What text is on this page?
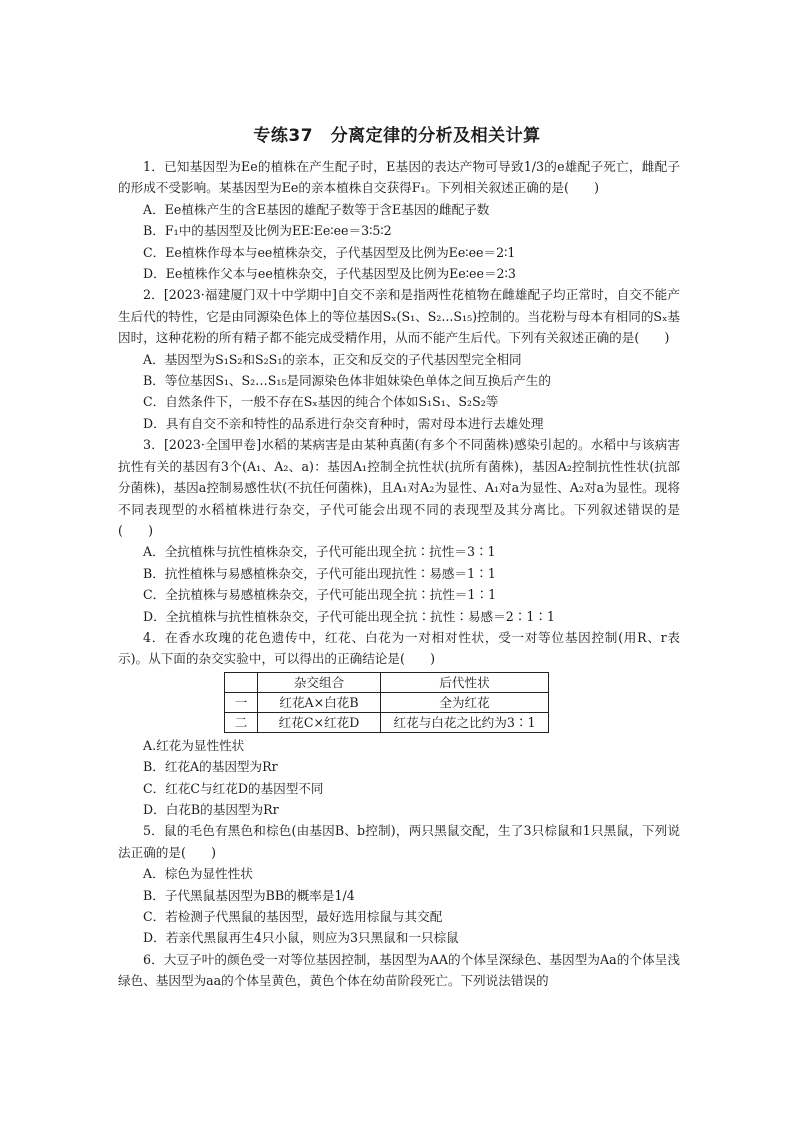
专练37　分离定律的分析及相关计算

1．已知基因型为Ee的植株在产生配子时，E基因的表达产物可导致1/3的e雄配子死亡，雌配子的形成不受影响。某基因型为Ee的亲本植株自交获得F₁。下列相关叙述正确的是(　　)

A．Ee植株产生的含E基因的雄配子数等于含E基因的雌配子数

B．F₁中的基因型及比例为EE∶Ee∶ee＝3∶5∶2

C．Ee植株作母本与ee植株杂交，子代基因型及比例为Ee∶ee＝2∶1

D．Ee植株作父本与ee植株杂交，子代基因型及比例为Ee∶ee＝2∶3

2．[2023·福建厦门双十中学期中]自交不亲和是指两性花植物在雌雄配子均正常时，自交不能产生后代的特性，它是由同源染色体上的等位基因Sₓ(S₁、S₂...S₁₅)控制的。当花粉与母本有相同的Sₓ基因时，这种花粉的所有精子都不能完成受精作用，从而不能产生后代。下列有关叙述正确的是(　　)

A．基因型为S₁S₂和S₂S₁的亲本，正交和反交的子代基因型完全相同

B．等位基因S₁、S₂…S₁₅是同源染色体非姐妹染色单体之间互换后产生的

C．自然条件下，一般不存在Sₓ基因的纯合个体如S₁S₁、S₂S₂等

D．具有自交不亲和特性的品系进行杂交育种时，需对母本进行去雄处理

3．[2023·全国甲卷]水稻的某病害是由某种真菌(有多个不同菌株)感染引起的。水稻中与该病害抗性有关的基因有3个(A₁、A₂、a)：基因A₁控制全抗性状(抗所有菌株)，基因A₂控制抗性性状(抗部分菌株)，基因a控制易感性状(不抗任何菌株)，且A₁对A₂为显性、A₁对a为显性、A₂对a为显性。现将不同表现型的水稻植株进行杂交，子代可能会出现不同的表现型及其分离比。下列叙述错误的是(　　)

A．全抗植株与抗性植株杂交，子代可能出现全抗∶抗性＝3∶1

B．抗性植株与易感植株杂交，子代可能出现抗性∶易感＝1∶1

C．全抗植株与易感植株杂交，子代可能出现全抗∶抗性＝1∶1

D．全抗植株与抗性植株杂交，子代可能出现全抗∶抗性∶易感＝2∶1∶1

4．在香水玫瑰的花色遗传中，红花、白花为一对相对性状，受一对等位基因控制(用R、r表示)。从下面的杂交实验中，可以得出的正确结论是(　　)

	杂交组合	后代性状
一	红花A×白花B	全为红花
二	红花C×红花D	红花与白花之比约为3∶1

A.红花为显性性状

B．红花A的基因型为Rr

C．红花C与红花D的基因型不同

D．白花B的基因型为Rr

5．鼠的毛色有黑色和棕色(由基因B、b控制)，两只黑鼠交配，生了3只棕鼠和1只黑鼠，下列说法正确的是(　　)

A．棕色为显性性状

B．子代黑鼠基因型为BB的概率是1/4

C．若检测子代黑鼠的基因型，最好选用棕鼠与其交配

D．若亲代黑鼠再生4只小鼠，则应为3只黑鼠和一只棕鼠

6．大豆子叶的颜色受一对等位基因控制，基因型为AA的个体呈深绿色、基因型为Aa的个体呈浅绿色、基因型为aa的个体呈黄色，黄色个体在幼苗阶段死亡。下列说法错误的
